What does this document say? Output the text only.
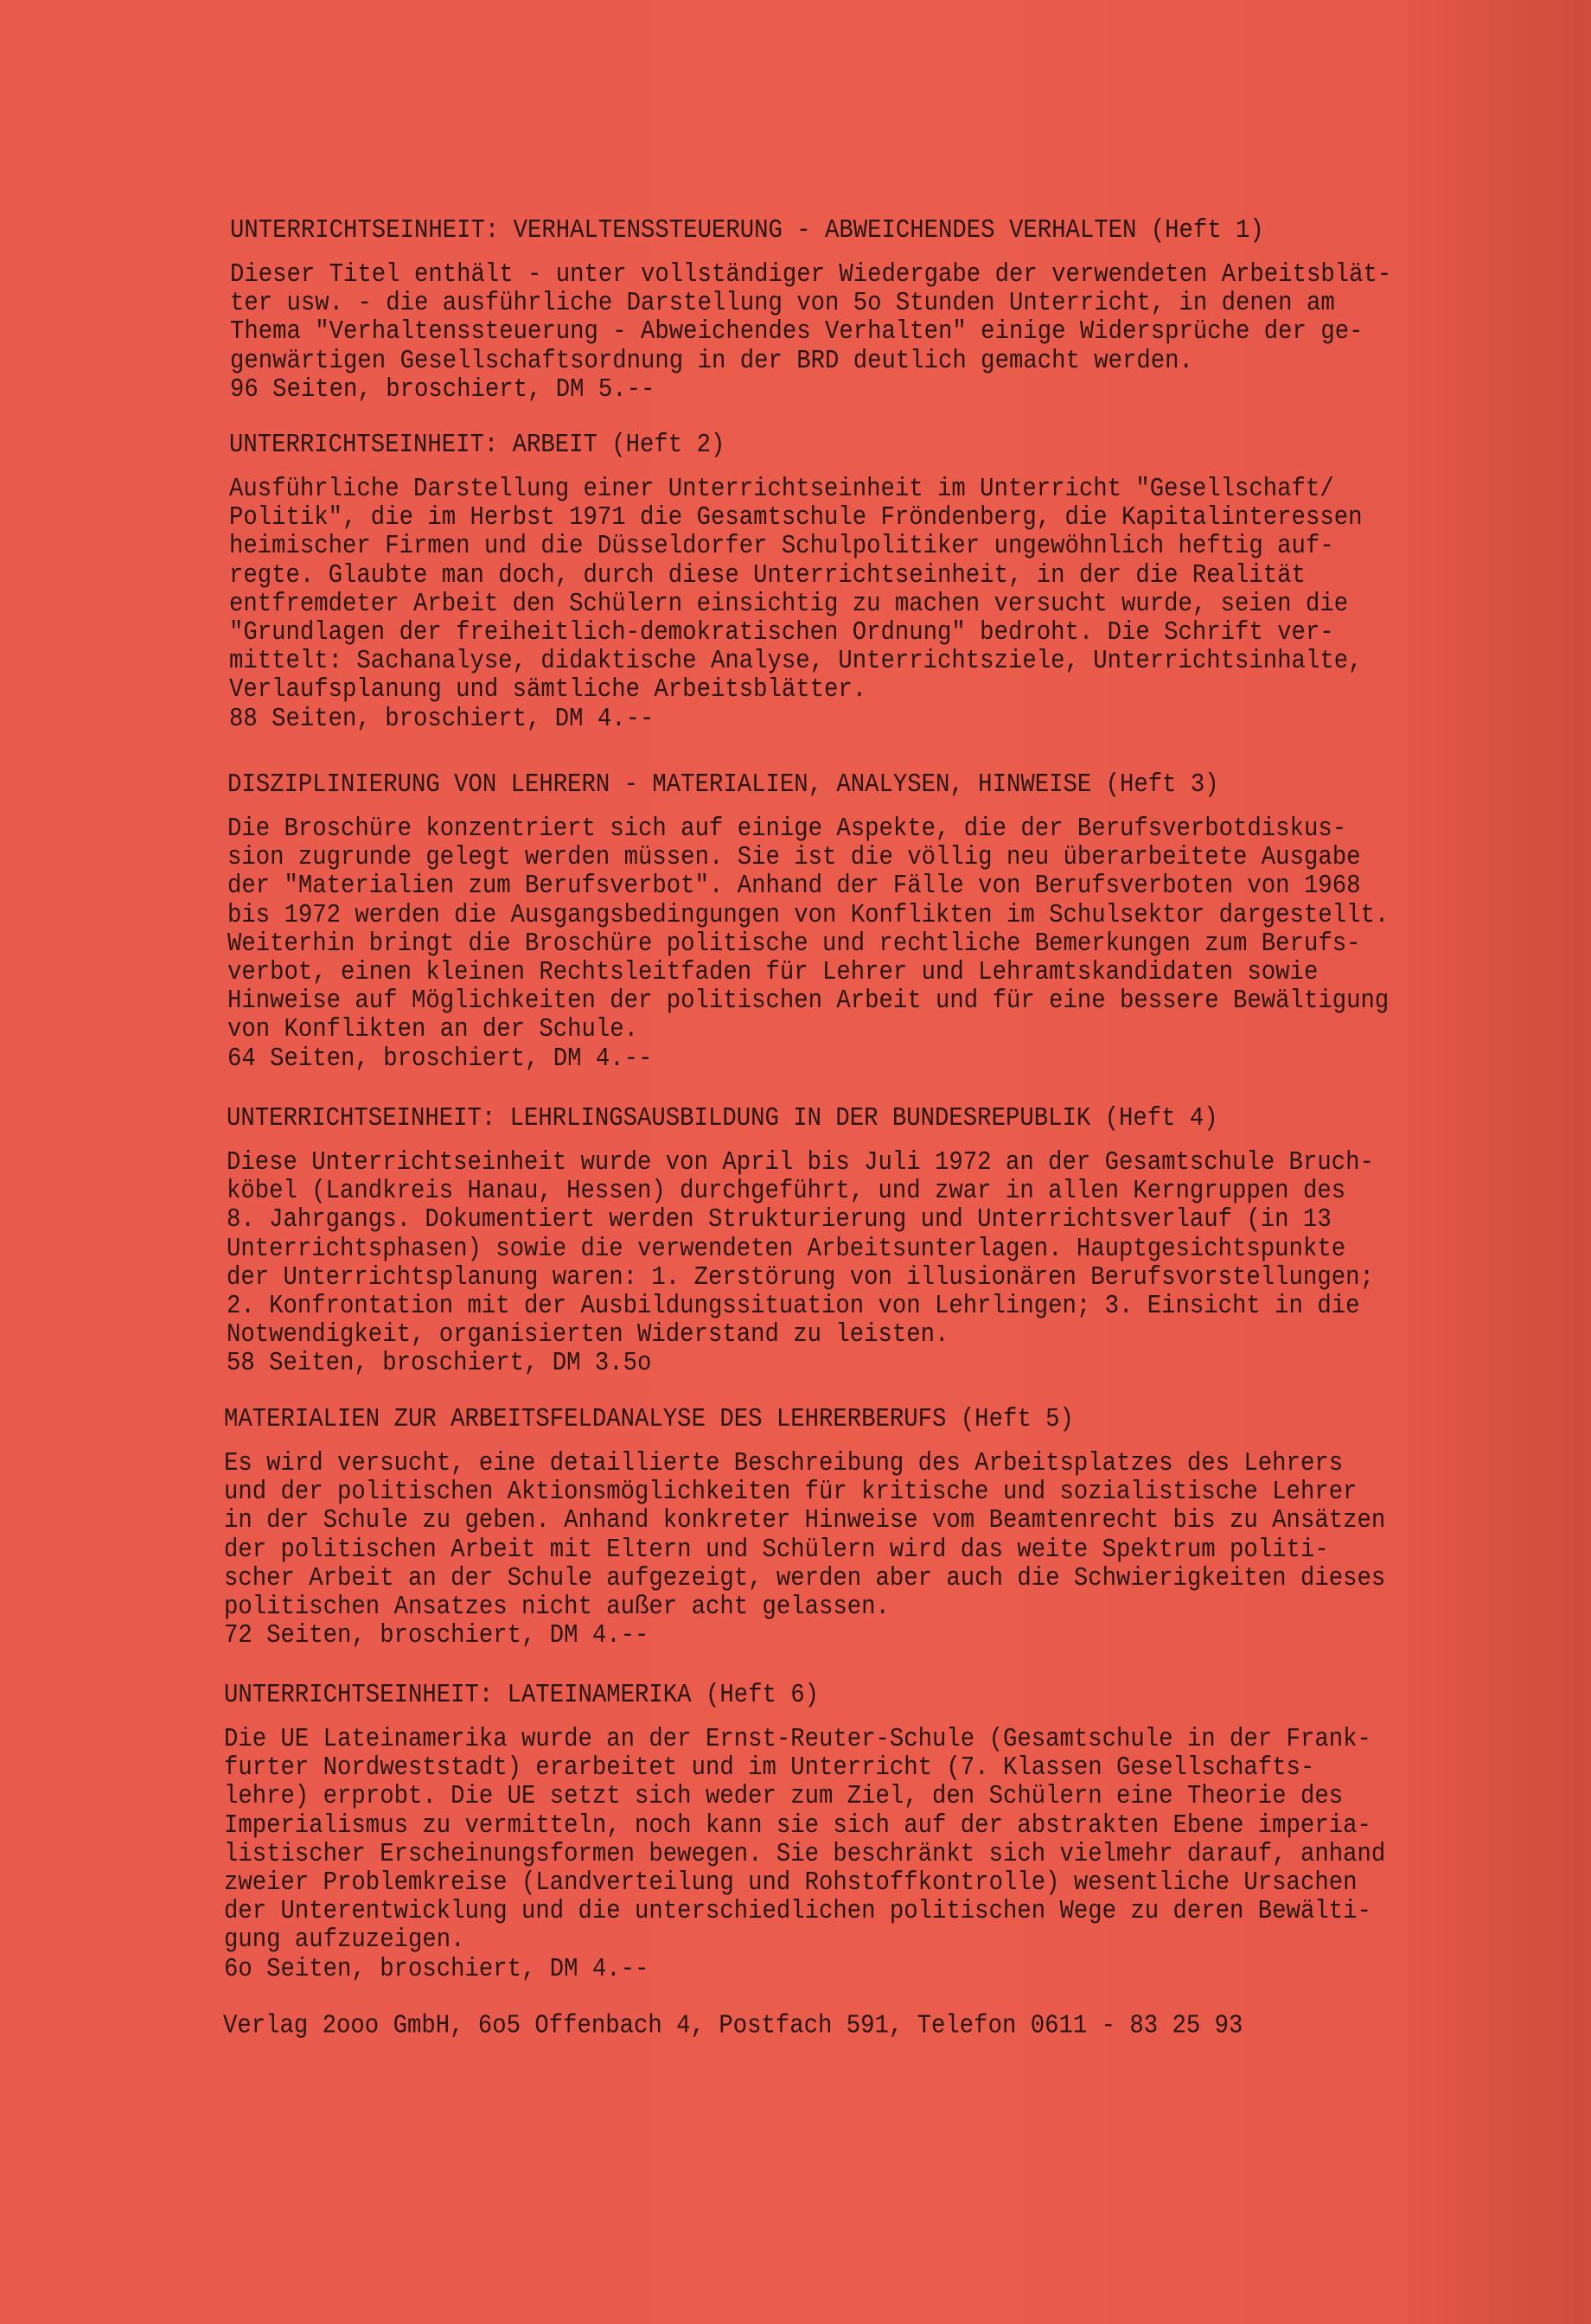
UNTERRICHTSEINHEIT: VERHALTENSSTEUERUNG - ABWEICHENDES VERHALTEN (Heft 1)
Dieser Titel enthält - unter vollständiger Wiedergabe der verwendeten Arbeitsblät-
ter usw. - die ausführliche Darstellung von 5o Stunden Unterricht, in denen am
Thema "Verhaltenssteuerung - Abweichendes Verhalten" einige Widersprüche der ge-
genwärtigen Gesellschaftsordnung in der BRD deutlich gemacht werden.
96 Seiten, broschiert, DM 5.--
UNTERRICHTSEINHEIT: ARBEIT (Heft 2)
Ausführliche Darstellung einer Unterrichtseinheit im Unterricht "Gesellschaft/
Politik", die im Herbst 1971 die Gesamtschule Fröndenberg, die Kapitalinteressen
heimischer Firmen und die Düsseldorfer Schulpolitiker ungewöhnlich heftig auf-
regte. Glaubte man doch, durch diese Unterrichtseinheit, in der die Realität
entfremdeter Arbeit den Schülern einsichtig zu machen versucht wurde, seien die
"Grundlagen der freiheitlich-demokratischen Ordnung" bedroht. Die Schrift ver-
mittelt: Sachanalyse, didaktische Analyse, Unterrichtsziele, Unterrichtsinhalte,
Verlaufsplanung und sämtliche Arbeitsblätter.
88 Seiten, broschiert, DM 4.--
DISZIPLINIERUNG VON LEHRERN - MATERIALIEN, ANALYSEN, HINWEISE (Heft 3)
Die Broschüre konzentriert sich auf einige Aspekte, die der Berufsverbotdiskus-
sion zugrunde gelegt werden müssen. Sie ist die völlig neu überarbeitete Ausgabe
der "Materialien zum Berufsverbot". Anhand der Fälle von Berufsverboten von 1968
bis 1972 werden die Ausgangsbedingungen von Konflikten im Schulsektor dargestellt.
Weiterhin bringt die Broschüre politische und rechtliche Bemerkungen zum Berufs-
verbot, einen kleinen Rechtsleitfaden für Lehrer und Lehramtskandidaten sowie
Hinweise auf Möglichkeiten der politischen Arbeit und für eine bessere Bewältigung
von Konflikten an der Schule.
64 Seiten, broschiert, DM 4.--
UNTERRICHTSEINHEIT: LEHRLINGSAUSBILDUNG IN DER BUNDESREPUBLIK (Heft 4)
Diese Unterrichtseinheit wurde von April bis Juli 1972 an der Gesamtschule Bruch-
köbel (Landkreis Hanau, Hessen) durchgeführt, und zwar in allen Kerngruppen des
8. Jahrgangs. Dokumentiert werden Strukturierung und Unterrichtsverlauf (in 13
Unterrichtsphasen) sowie die verwendeten Arbeitsunterlagen. Hauptgesichtspunkte
der Unterrichtsplanung waren: 1. Zerstörung von illusionären Berufsvorstellungen;
2. Konfrontation mit der Ausbildungssituation von Lehrlingen; 3. Einsicht in die
Notwendigkeit, organisierten Widerstand zu leisten.
58 Seiten, broschiert, DM 3.5o
MATERIALIEN ZUR ARBEITSFELDANALYSE DES LEHRERBERUFS (Heft 5)
Es wird versucht, eine detaillierte Beschreibung des Arbeitsplatzes des Lehrers
und der politischen Aktionsmöglichkeiten für kritische und sozialistische Lehrer
in der Schule zu geben. Anhand konkreter Hinweise vom Beamtenrecht bis zu Ansätzen
der politischen Arbeit mit Eltern und Schülern wird das weite Spektrum politi-
scher Arbeit an der Schule aufgezeigt, werden aber auch die Schwierigkeiten dieses
politischen Ansatzes nicht außer acht gelassen.
72 Seiten, broschiert, DM 4.--
UNTERRICHTSEINHEIT: LATEINAMERIKA (Heft 6)
Die UE Lateinamerika wurde an der Ernst-Reuter-Schule (Gesamtschule in der Frank-
furter Nordweststadt) erarbeitet und im Unterricht (7. Klassen Gesellschafts-
lehre) erprobt. Die UE setzt sich weder zum Ziel, den Schülern eine Theorie des
Imperialismus zu vermitteln, noch kann sie sich auf der abstrakten Ebene imperia-
listischer Erscheinungsformen bewegen. Sie beschränkt sich vielmehr darauf, anhand
zweier Problemkreise (Landverteilung und Rohstoffkontrolle) wesentliche Ursachen
der Unterentwicklung und die unterschiedlichen politischen Wege zu deren Bewälti-
gung aufzuzeigen.
6o Seiten, broschiert, DM 4.--
Verlag 2ooo GmbH, 6o5 Offenbach 4, Postfach 591, Telefon 0611 - 83 25 93
